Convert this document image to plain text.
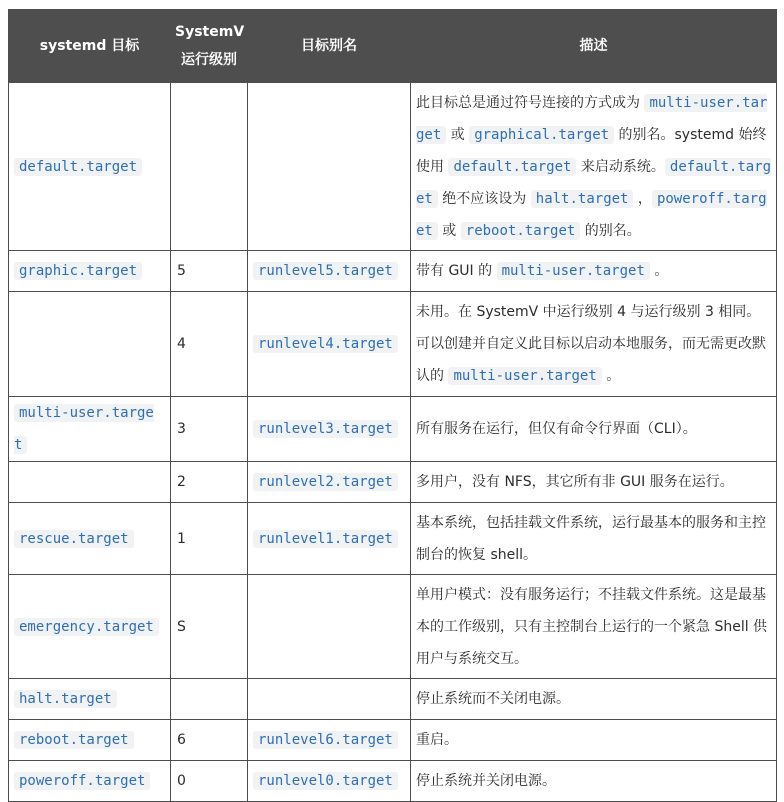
systemd 目标	SystemV 运行级别	目标别名	描述
default.target			此目标总是通过符号连接的方式成为 multi-user.target 或 graphical.target 的别名。systemd 始终使用 default.target 来启动系统。 default.target 绝不应该设为 halt.target ， poweroff.target 或 reboot.target 的别名。
graphic.target	5	runlevel5.target	带有 GUI 的 multi-user.target 。
	4	runlevel4.target	未用。在 SystemV 中运行级别 4 与运行级别 3 相同。可以创建并自定义此目标以启动本地服务，而无需更改默认的 multi-user.target 。
multi-user.target	3	runlevel3.target	所有服务在运行，但仅有命令行界面（CLI）。
	2	runlevel2.target	多用户，没有 NFS，其它所有非 GUI 服务在运行。
rescue.target	1	runlevel1.target	基本系统，包括挂载文件系统，运行最基本的服务和主控制台的恢复 shell。
emergency.target	S		单用户模式：没有服务运行；不挂载文件系统。这是最基本的工作级别，只有主控制台上运行的一个紧急 Shell 供用户与系统交互。
halt.target			停止系统而不关闭电源。
reboot.target	6	runlevel6.target	重启。
poweroff.target	0	runlevel0.target	停止系统并关闭电源。
